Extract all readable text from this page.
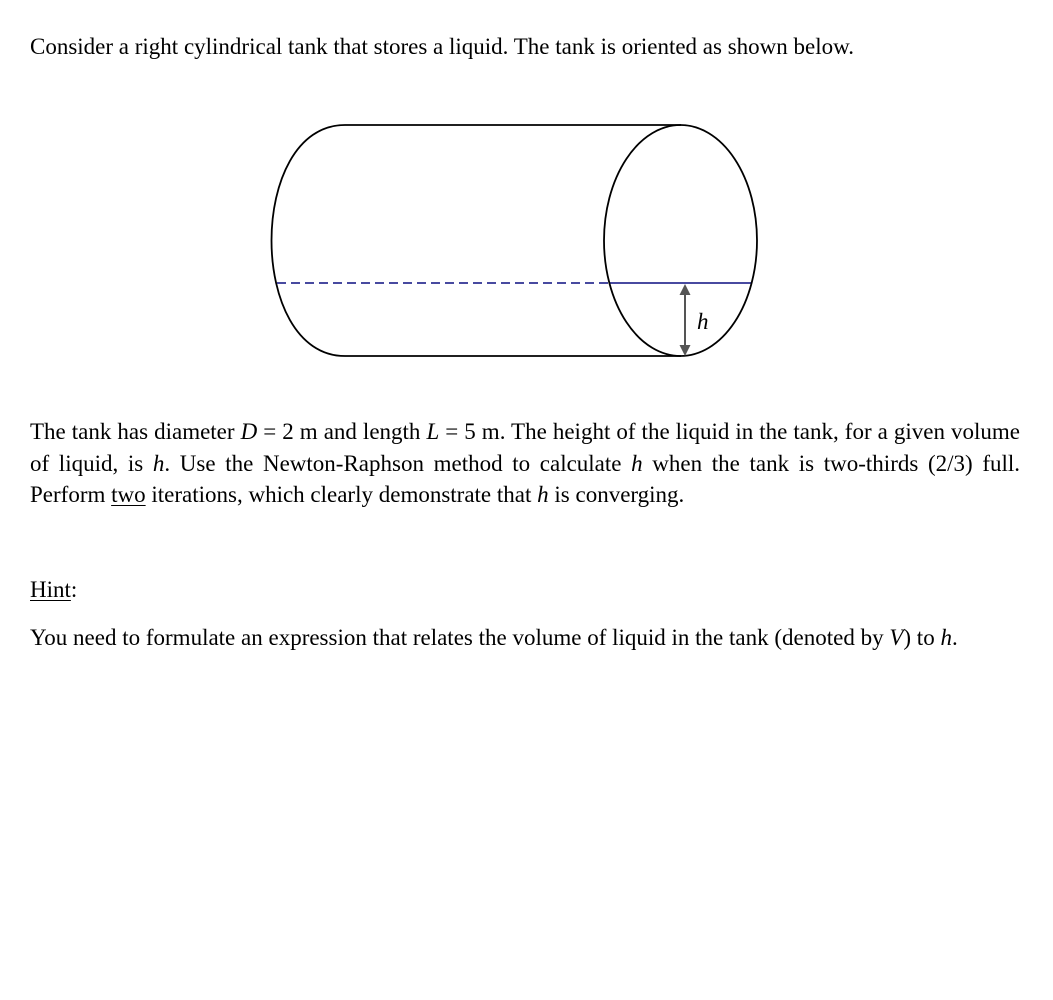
Consider a right cylindrical tank that stores a liquid. The tank is oriented as shown below.

h

The tank has diameter D = 2 m and length L = 5 m. The height of the liquid in the tank, for a given volume of liquid, is h. Use the Newton-Raphson method to calculate h when the tank is two-thirds (2/3) full. Perform two iterations, which clearly demonstrate that h is converging.

Hint:

You need to formulate an expression that relates the volume of liquid in the tank (denoted by V) to h.
